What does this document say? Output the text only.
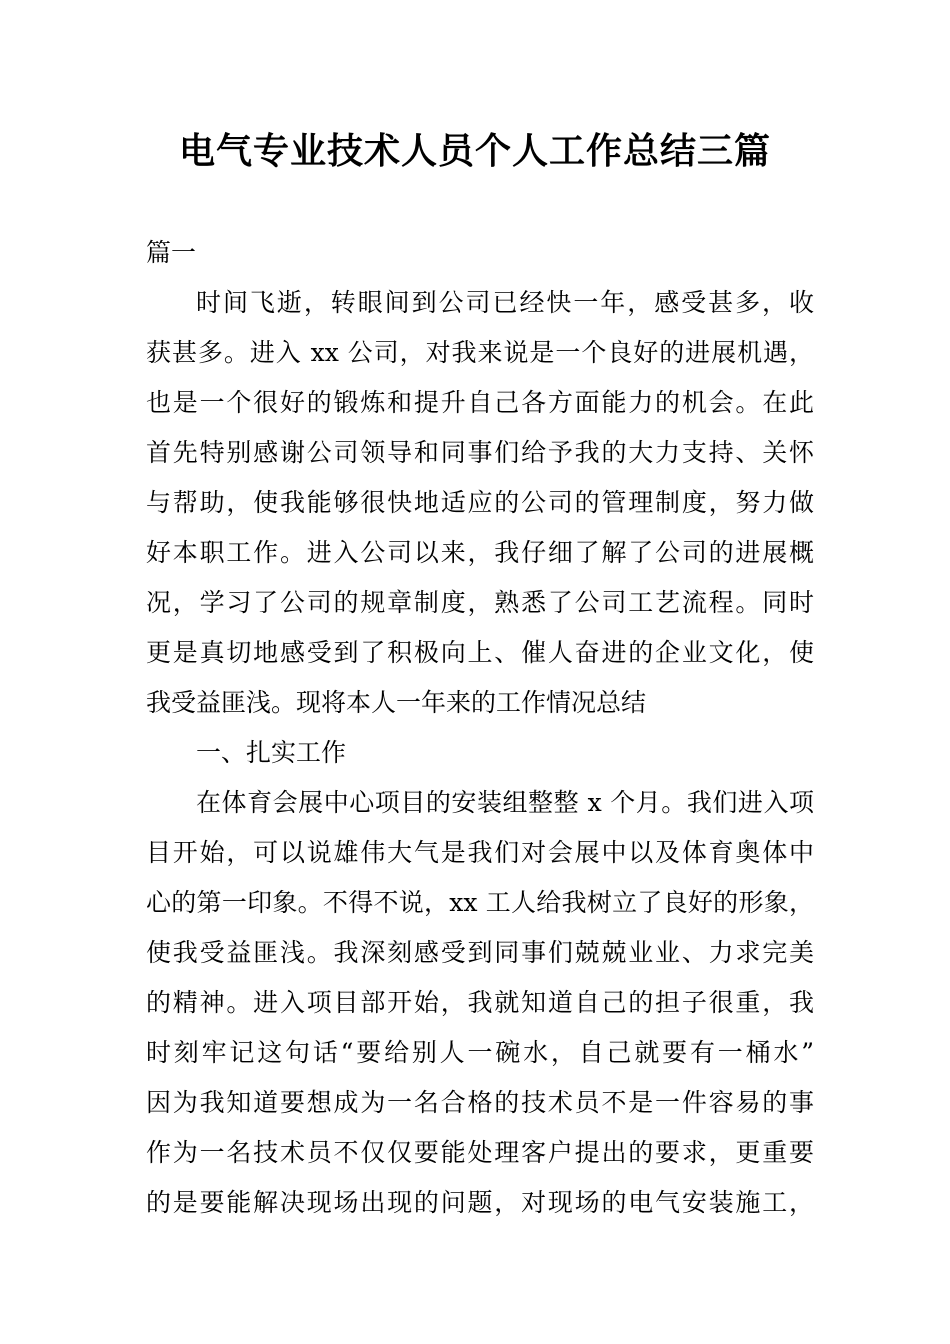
电气专业技术人员个人工作总结三篇
篇一
时间飞逝，转眼间到公司已经快一年，感受甚多，收
获甚多。进入 xx 公司，对我来说是一个良好的进展机遇，
也是一个很好的锻炼和提升自己各方面能力的机会。在此
首先特别感谢公司领导和同事们给予我的大力支持、关怀
与帮助，使我能够很快地适应的公司的管理制度，努力做
好本职工作。进入公司以来，我仔细了解了公司的进展概
况，学习了公司的规章制度，熟悉了公司工艺流程。同时
更是真切地感受到了积极向上、催人奋进的企业文化，使
我受益匪浅。现将本人一年来的工作情况总结
一、扎实工作
在体育会展中心项目的安装组整整 x 个月。我们进入项
目开始，可以说雄伟大气是我们对会展中以及体育奥体中
心的第一印象。不得不说，xx 工人给我树立了良好的形象，
使我受益匪浅。我深刻感受到同事们兢兢业业、力求完美
的精神。进入项目部开始，我就知道自己的担子很重，我
时刻牢记这句话“要给别人一碗水，自己就要有一桶水”
因为我知道要想成为一名合格的技术员不是一件容易的事
作为一名技术员不仅仅要能处理客户提出的要求，更重要
的是要能解决现场出现的问题，对现场的电气安装施工，
